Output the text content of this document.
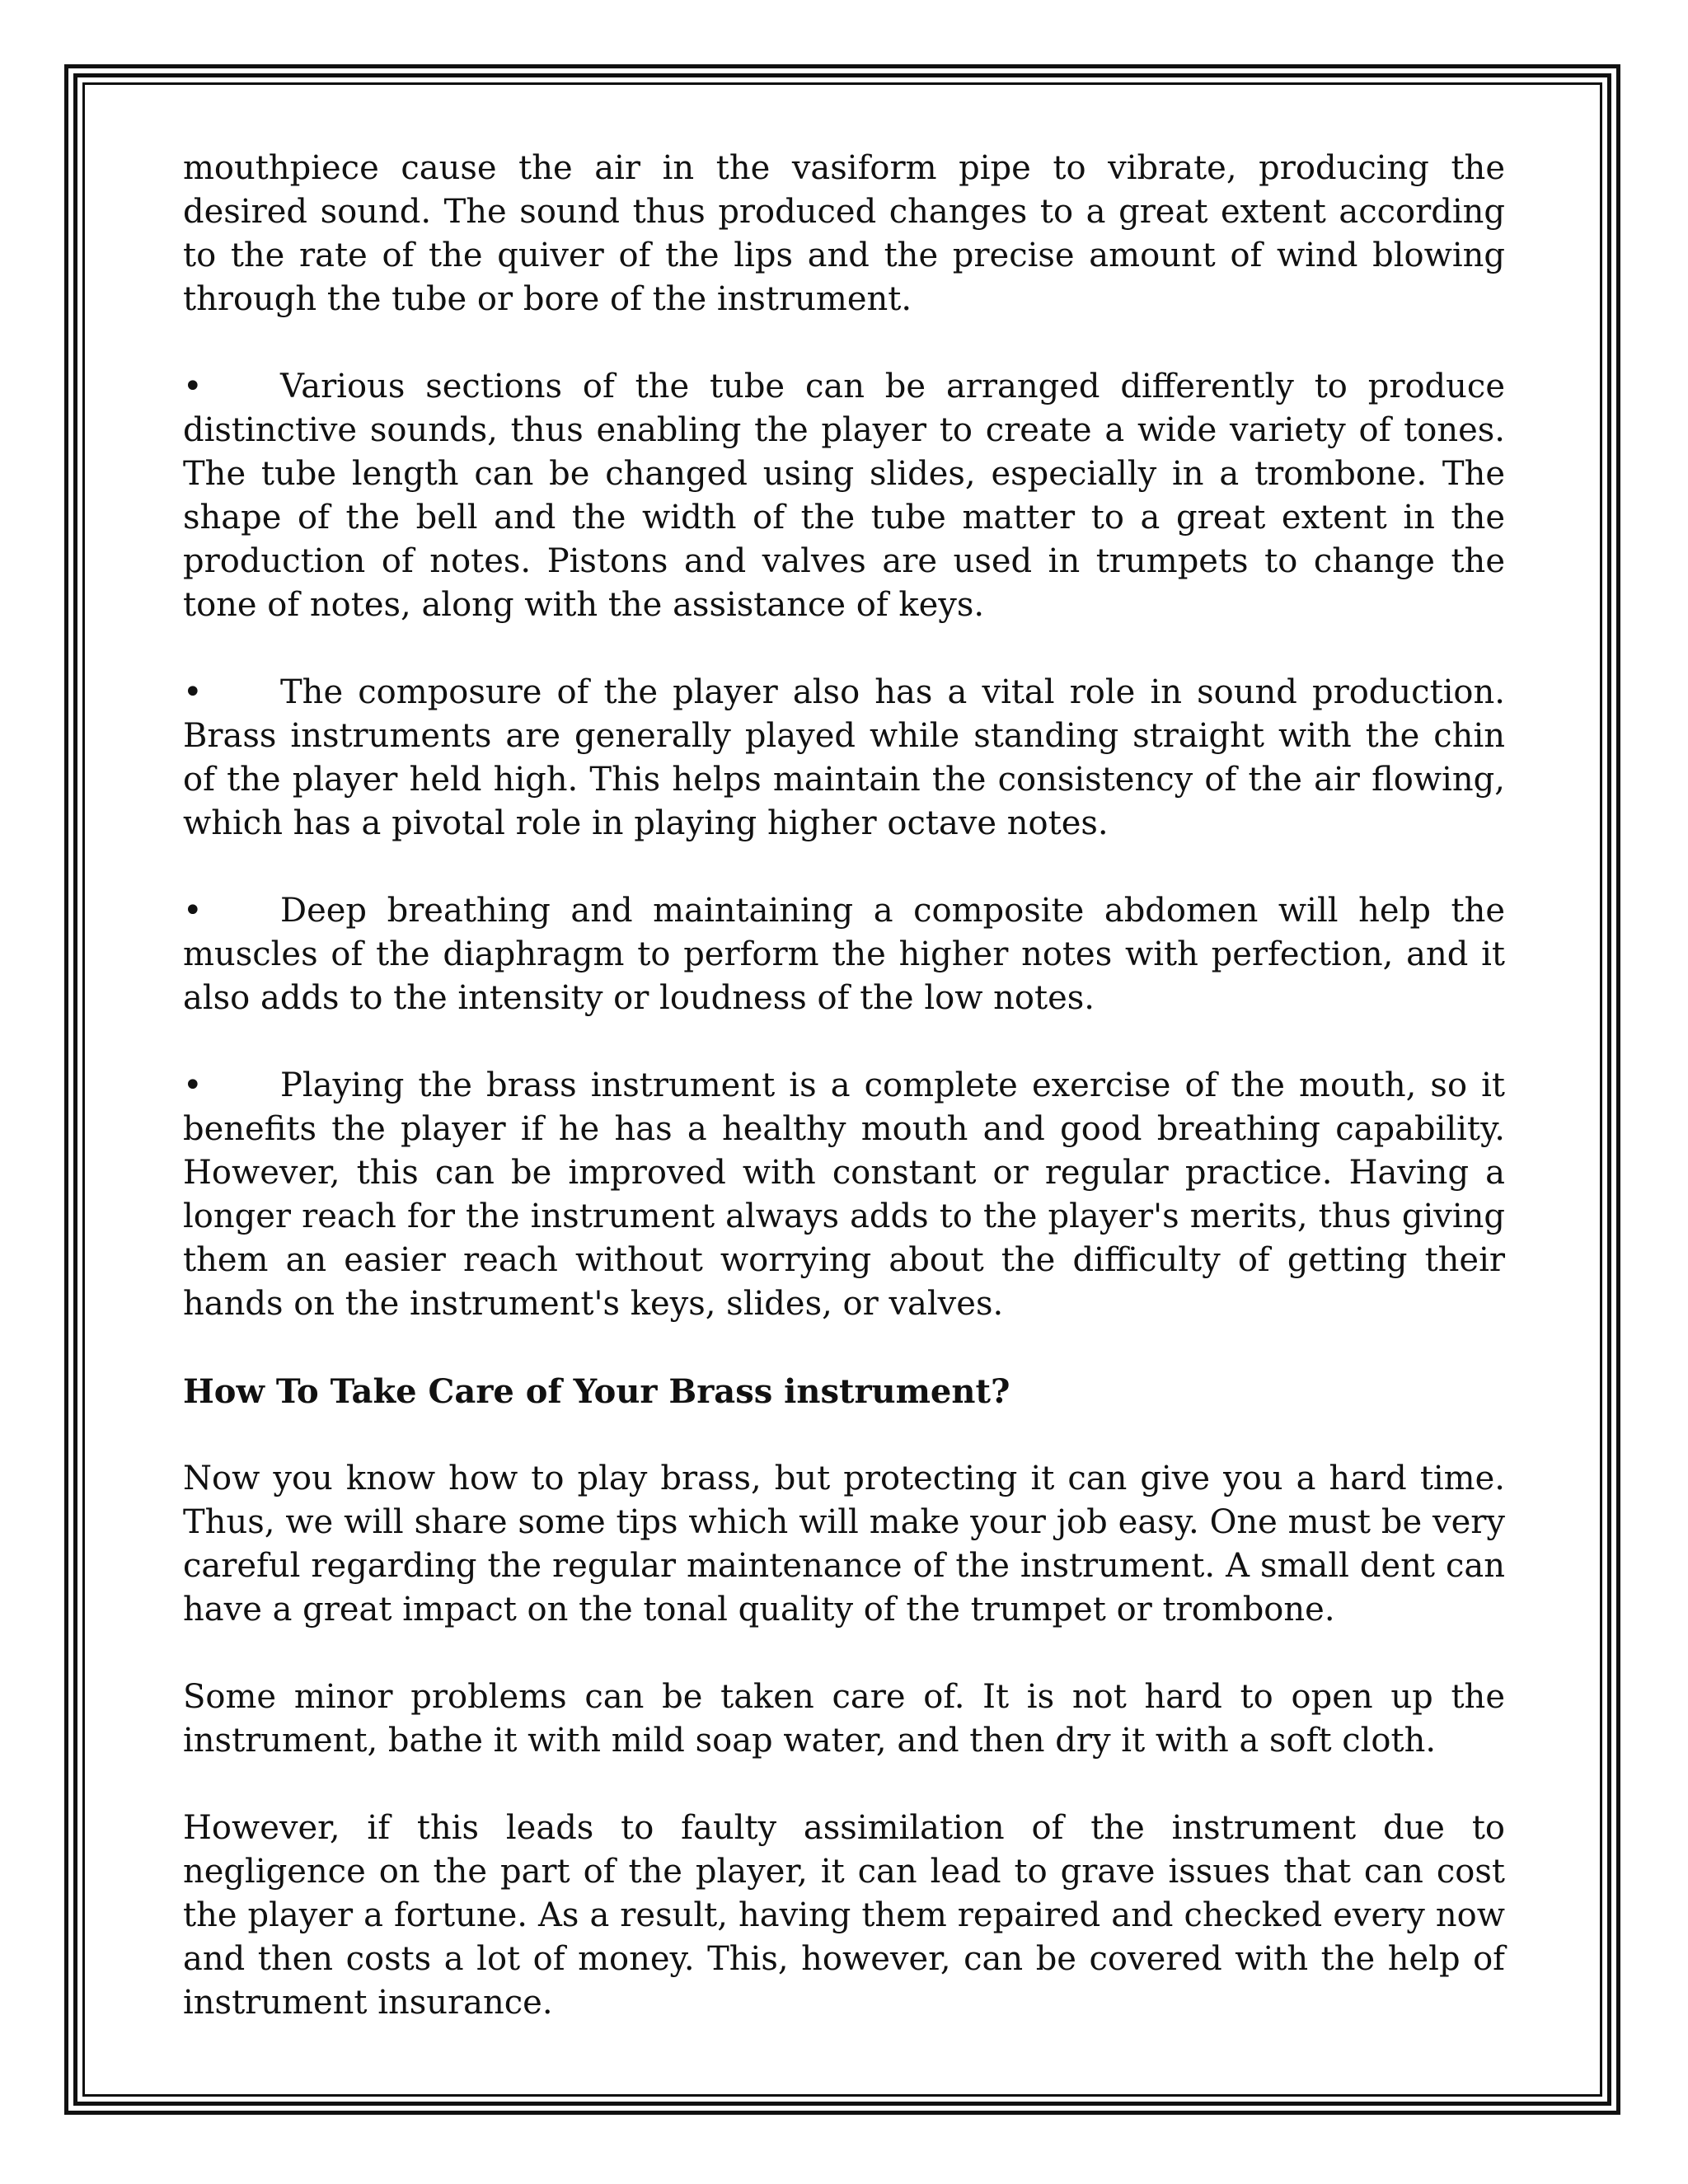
mouthpiece cause the air in the vasiform pipe to vibrate, producing the desired sound. The sound thus produced changes to a great extent according to the rate of the quiver of the lips and the precise amount of wind blowing through the tube or bore of the instrument.

• Various sections of the tube can be arranged differently to produce distinctive sounds, thus enabling the player to create a wide variety of tones. The tube length can be changed using slides, especially in a trombone. The shape of the bell and the width of the tube matter to a great extent in the production of notes. Pistons and valves are used in trumpets to change the tone of notes, along with the assistance of keys.

• The composure of the player also has a vital role in sound production. Brass instruments are generally played while standing straight with the chin of the player held high. This helps maintain the consistency of the air flowing, which has a pivotal role in playing higher octave notes.

• Deep breathing and maintaining a composite abdomen will help the muscles of the diaphragm to perform the higher notes with perfection, and it also adds to the intensity or loudness of the low notes.

• Playing the brass instrument is a complete exercise of the mouth, so it benefits the player if he has a healthy mouth and good breathing capability. However, this can be improved with constant or regular practice. Having a longer reach for the instrument always adds to the player's merits, thus giving them an easier reach without worrying about the difficulty of getting their hands on the instrument's keys, slides, or valves.

How To Take Care of Your Brass instrument?

Now you know how to play brass, but protecting it can give you a hard time. Thus, we will share some tips which will make your job easy. One must be very careful regarding the regular maintenance of the instrument. A small dent can have a great impact on the tonal quality of the trumpet or trombone.

Some minor problems can be taken care of. It is not hard to open up the instrument, bathe it with mild soap water, and then dry it with a soft cloth.

However, if this leads to faulty assimilation of the instrument due to negligence on the part of the player, it can lead to grave issues that can cost the player a fortune. As a result, having them repaired and checked every now and then costs a lot of money. This, however, can be covered with the help of instrument insurance.
